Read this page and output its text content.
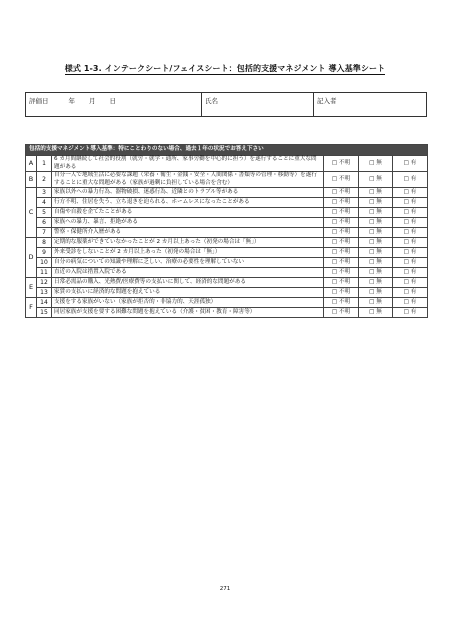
様式 1-3. インテークシート/フェイスシート：包括的支援マネジメント 導入基準シート
評価日	年 月 日	氏名	記入者
包括的支援マネジメント導入基準：特にことわりのない場合、過去１年の状況でお答え下さい					
A	1	6 カ月間継続して社会的役割（就労・就学・通所、家事労働を中心的に担う）を遂行することに重大な問題がある	□ 不明	□ 無	□ 有
B	2	自分一人で地域生活に必要な課題（栄養・衛生・金銭・安全・人間関係・書類等の管理・移動等）を遂行することに重大な問題がある（家族が過剰に負担している場合を含む）	□ 不明	□ 無	□ 有
C	3	家族以外への暴力行為、器物破損、迷惑行為、近隣とのトラブル等がある	□ 不明	□ 無	□ 有
	4	行方不明、住居を失う、立ち退きを迫られる、ホームレスになったことがある	□ 不明	□ 無	□ 有
	5	自傷や自殺を企てたことがある	□ 不明	□ 無	□ 有
	6	家族への暴力、暴言、拒絶がある	□ 不明	□ 無	□ 有
	7	警察・保健所介入歴がある	□ 不明	□ 無	□ 有
D	8	定期的な服薬ができていなかったことが 2 カ月以上あった（初発の場合は「無」）	□ 不明	□ 無	□ 有
	9	外来受診をしないことが 2 カ月以上あった（初発の場合は「無」）	□ 不明	□ 無	□ 有
	10	自分の病気についての知識や理解に乏しい、治療の必要性を理解していない	□ 不明	□ 無	□ 有
	11	直近の入院は措置入院である	□ 不明	□ 無	□ 有
E	12	日常必需品の購入、光熱費/医療費等の支払いに関して、経済的な問題がある	□ 不明	□ 無	□ 有
	13	家賃の支払いに経済的な問題を抱えている	□ 不明	□ 無	□ 有
F	14	支援をする家族がいない（家族が拒否的・非協力的、天涯孤独）	□ 不明	□ 無	□ 有
	15	同居家族が支援を要する困難な問題を抱えている（介護・貧困・教育・障害等）	□ 不明	□ 無	□ 有
271
